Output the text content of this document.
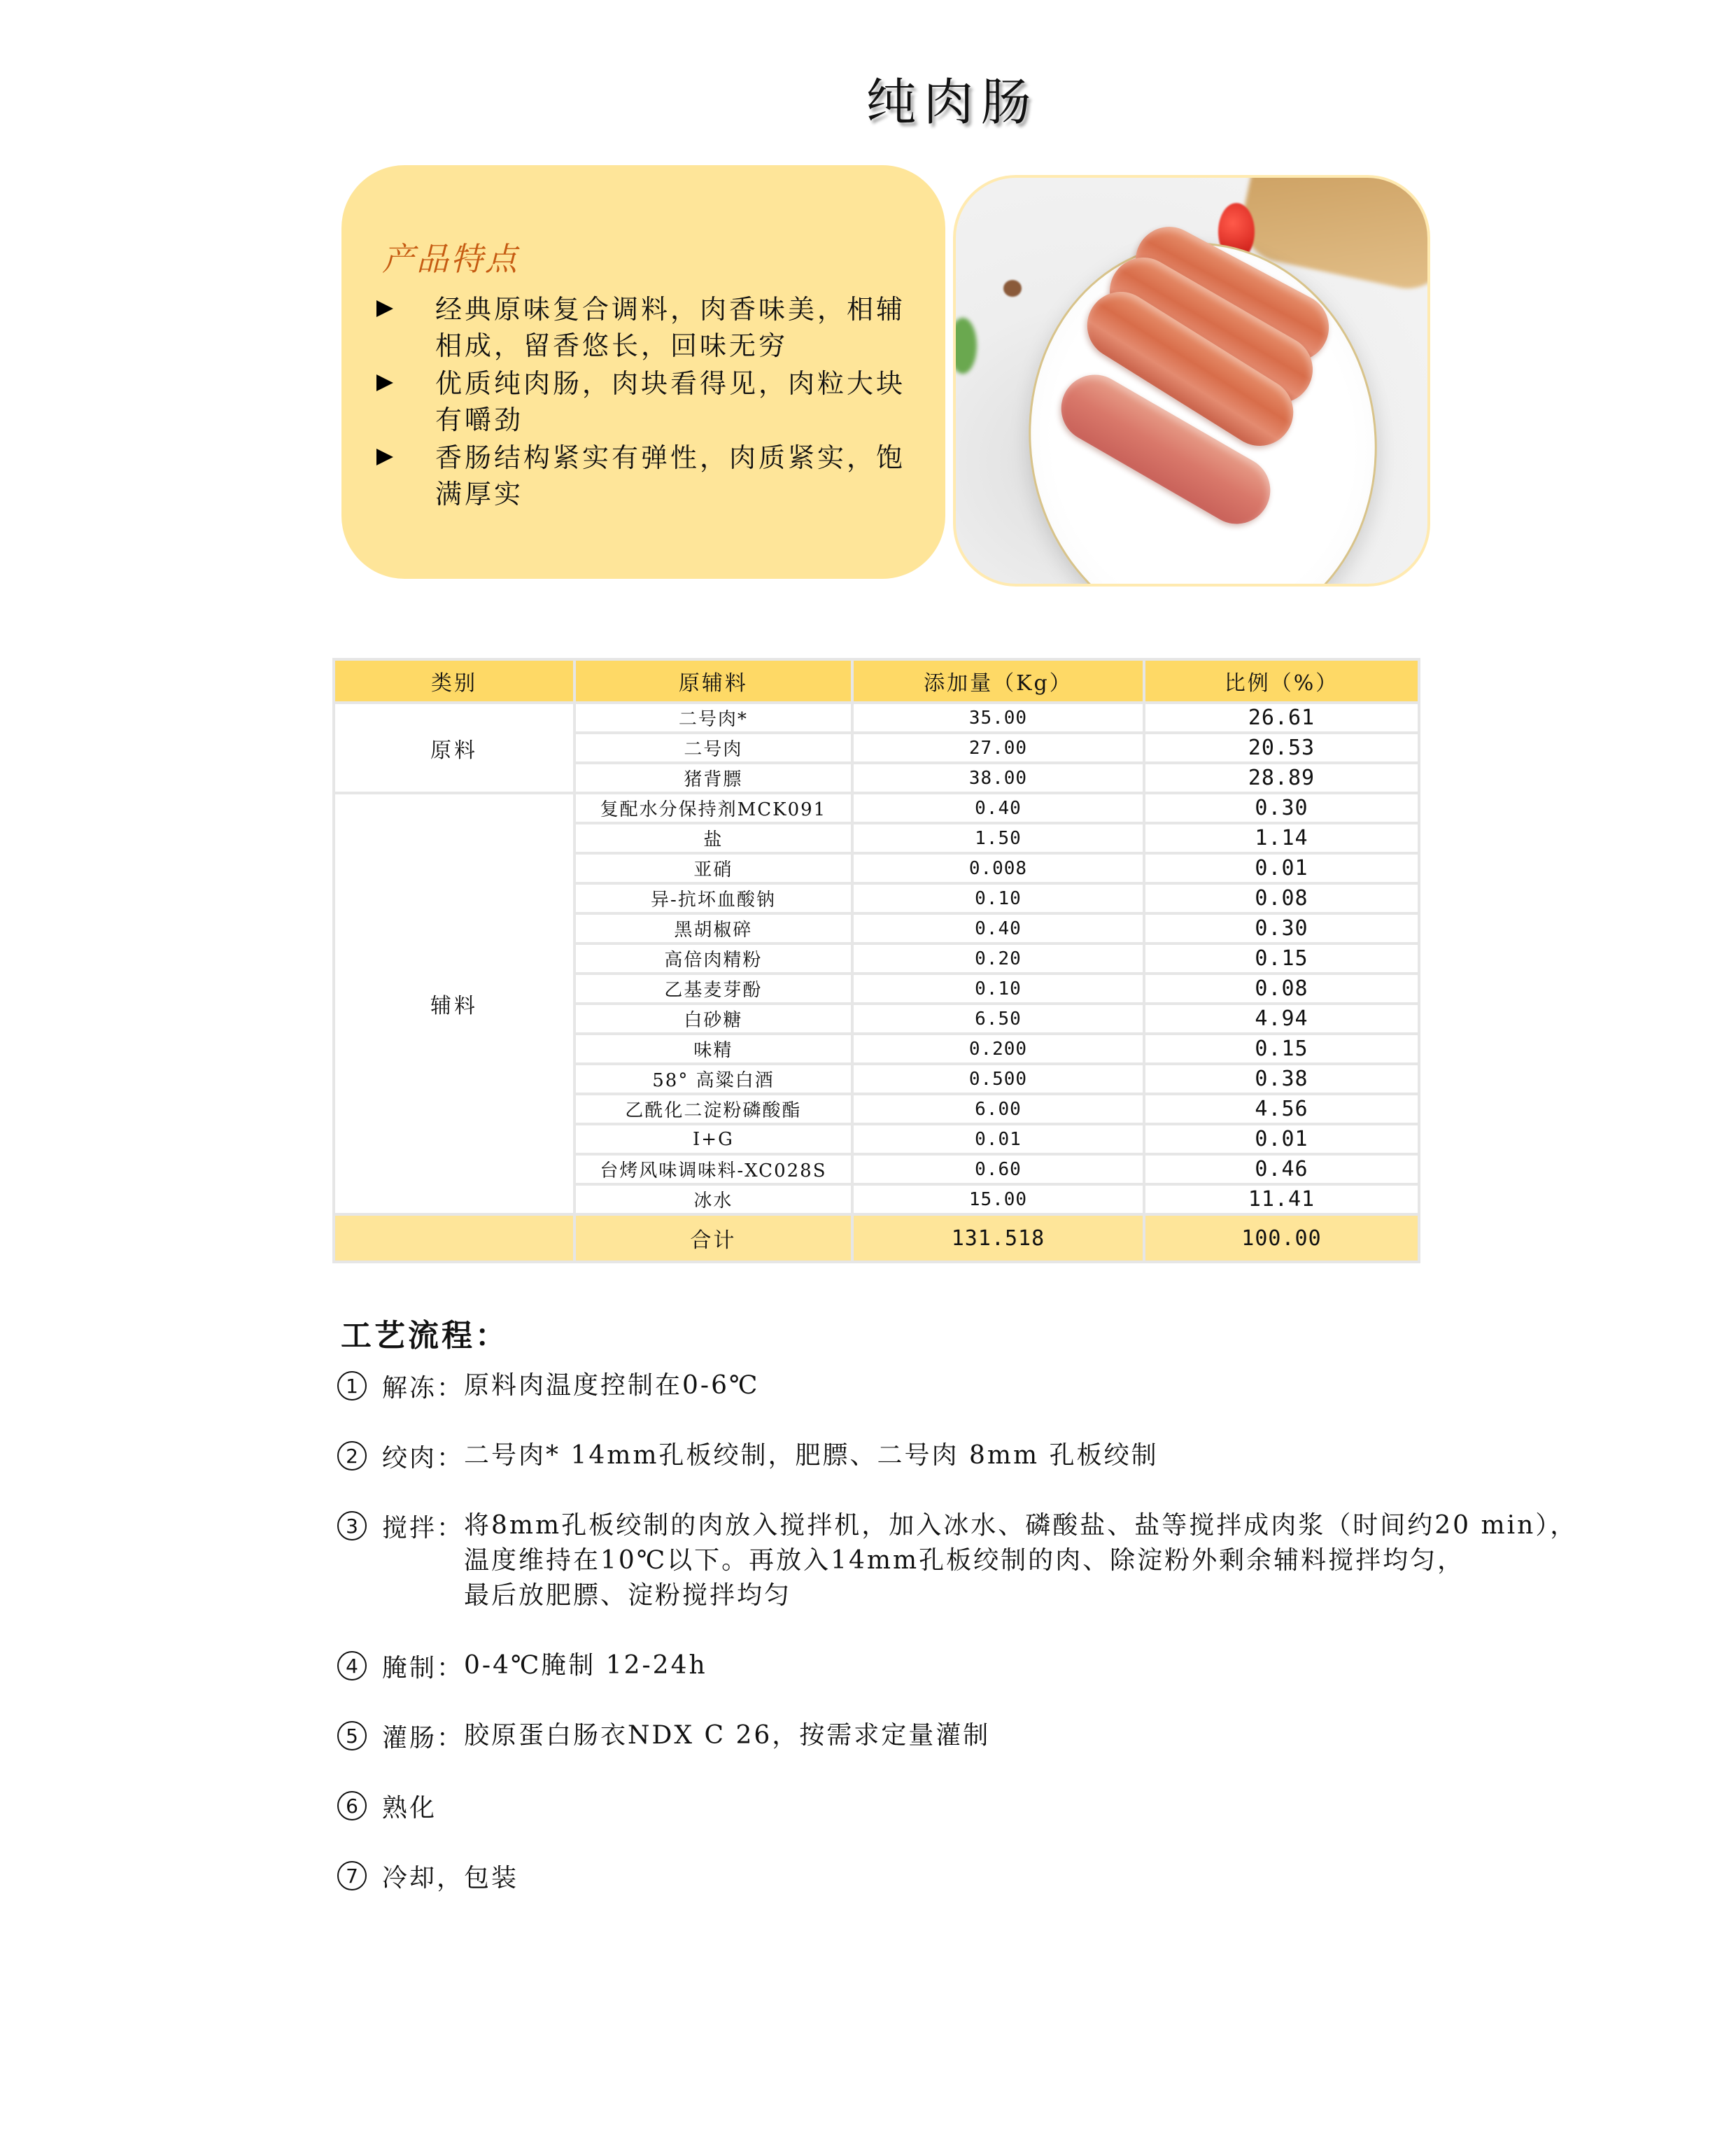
纯肉肠
产品特点
经典原味复合调料，肉香味美，相辅相成，留香悠长，回味无穷
优质纯肉肠，肉块看得见，肉粒大块有嚼劲
香肠结构紧实有弹性，肉质紧实，饱满厚实
类别	原辅料	添加量（Kg）	比例（%）
原料	二号肉*	35.00	26.61
	二号肉	27.00	20.53
	猪背膘	38.00	28.89
辅料	复配水分保持剂MCK091	0.40	0.30
	盐	1.50	1.14
	亚硝	0.008	0.01
	异-抗坏血酸钠	0.10	0.08
	黑胡椒碎	0.40	0.30
	高倍肉精粉	0.20	0.15
	乙基麦芽酚	0.10	0.08
	白砂糖	6.50	4.94
	味精	0.200	0.15
	58° 高粱白酒	0.500	0.38
	乙酰化二淀粉磷酸酯	6.00	4.56
	I+G	0.01	0.01
	台烤风味调味料-XC028S	0.60	0.46
	冰水	15.00	11.41
	合计	131.518	100.00
工艺流程：
1 解冻： 原料肉温度控制在0-6℃
2 绞肉： 二号肉* 14mm孔板绞制，肥膘、二号肉 8mm 孔板绞制
3 搅拌： 将8mm孔板绞制的肉放入搅拌机，加入冰水、磷酸盐、盐等搅拌成肉浆（时间约20 min），
温度维持在10℃以下。再放入14mm孔板绞制的肉、除淀粉外剩余辅料搅拌均匀，
最后放肥膘、淀粉搅拌均匀
4 腌制： 0-4℃腌制 12-24h
5 灌肠： 胶原蛋白肠衣NDX C 26，按需求定量灌制
6 熟化
7 冷却，包装
